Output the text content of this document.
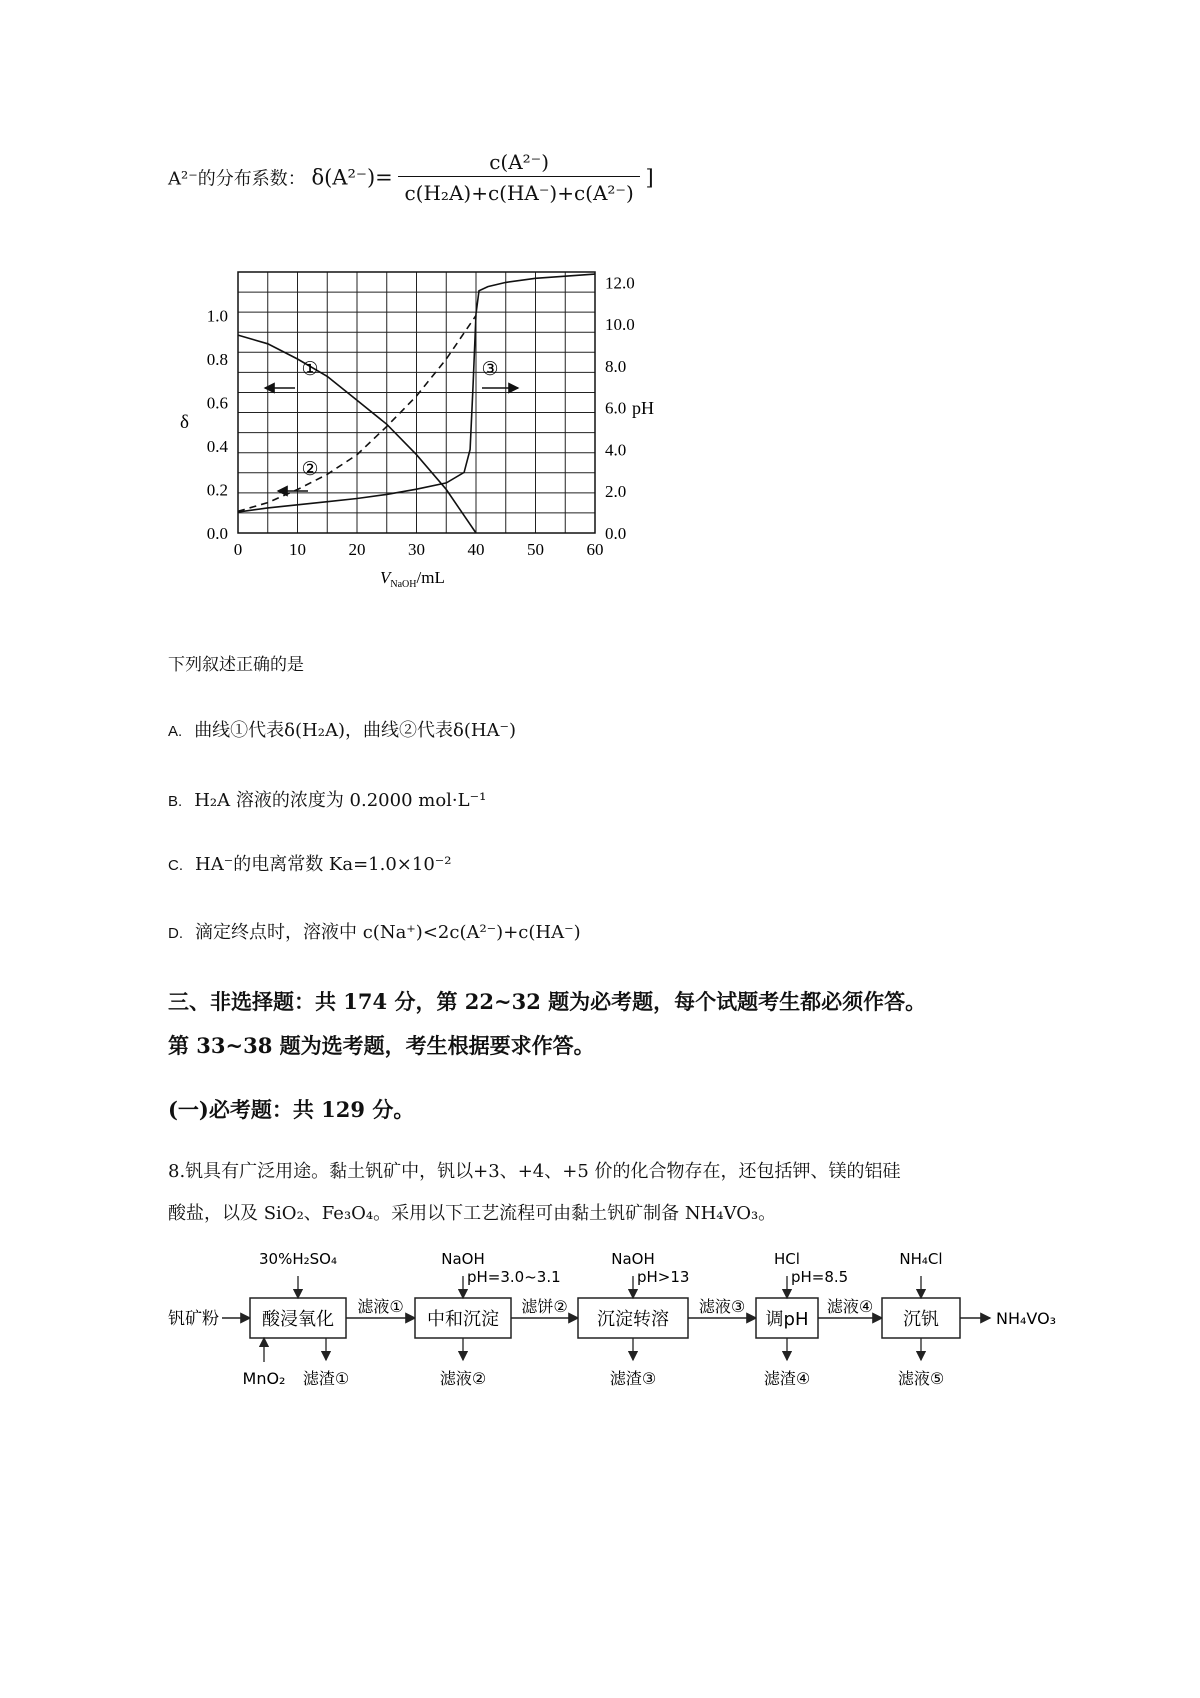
A²⁻的分布系数： $\delta(A^{2-})= \frac{\text{c(A²⁻)}}{\text{c(H₂A)+c(HA⁻)+c(A²⁻)}}$ ]
0	10	20	30	40	50	60
0.0
0.2
0.4
0.6
0.8
1.0
0.0
2.0
4.0
6.0
8.0
10.0
12.0
δ
pH
$V_{NaOH}/mL$
①
②
③
下列叙述正确的是
A. 曲线①代表δ(H₂A)，曲线②代表δ(HA⁻)
B. H₂A 溶液的浓度为 0.2000 mol·L⁻¹
C. HA⁻的电离常数 Ka=1.0×10⁻²
D. 滴定终点时，溶液中 c(Na⁺)<2c(A²⁻)+c(HA⁻)
三、非选择题：共 174 分，第 22~32 题为必考题，每个试题考生都必须作答。
第 33~38 题为选考题，考生根据要求作答。
(一)必考题：共 129 分。
8.钒具有广泛用途。黏土钒矿中，钒以+3、+4、+5 价的化合物存在，还包括钾、镁的铝硅
酸盐，以及 SiO₂、Fe₃O₄。采用以下工艺流程可由黏土钒矿制备 NH₄VO₃。
钒矿粉 酸浸氧化
30%H₂SO₄
滤渣①
滤液①
中和沉淀
NaOH
pH=3.0~3.1
滤液②
滤饼②
沉淀转溶
NaOH
pH>13
滤渣③
滤液③
调pH
HCl
pH=8.5
滤渣④
滤液④
沉钒
NH₄Cl
滤液⑤
MnO₂
NH₄VO₃
